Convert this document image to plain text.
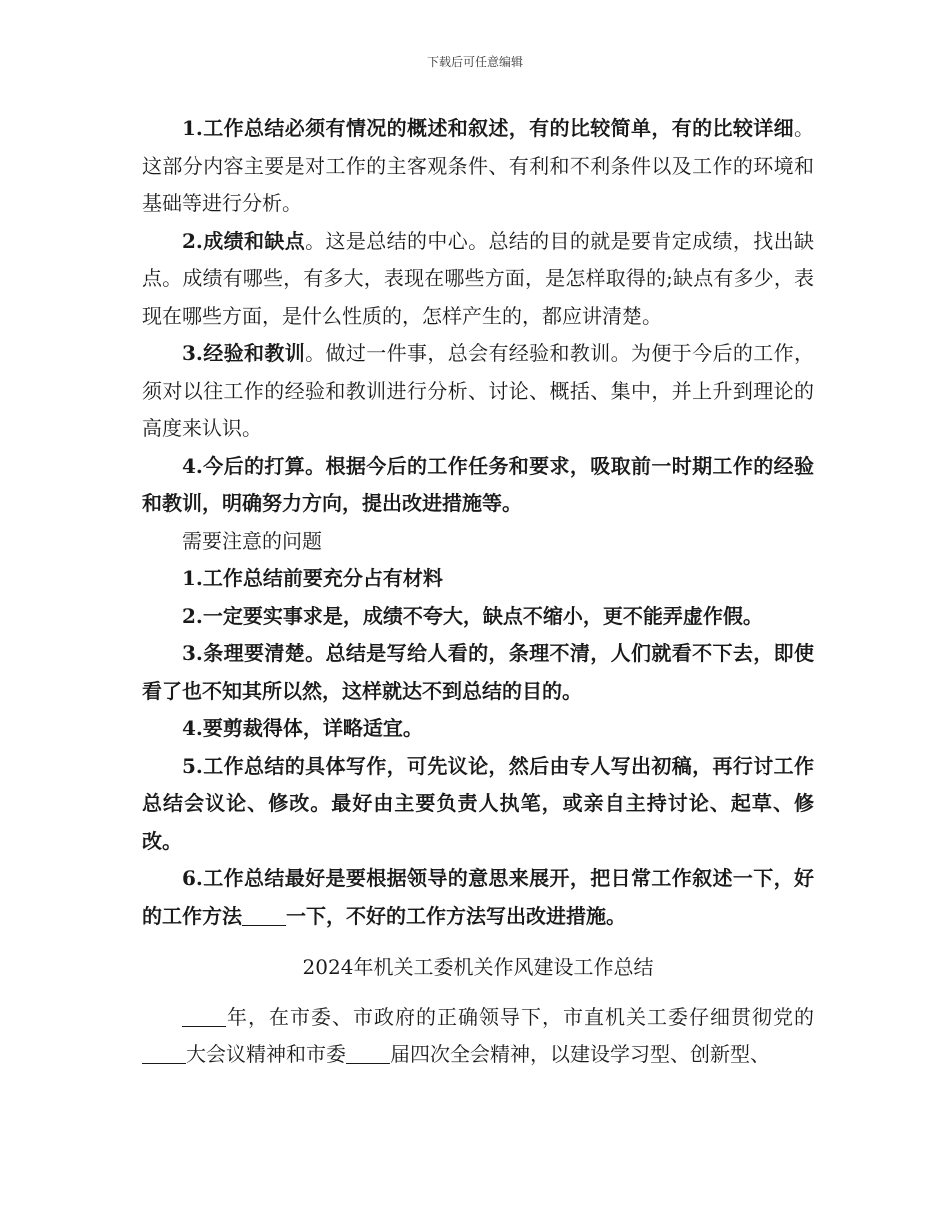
下载后可任意编辑

1.工作总结必须有情况的概述和叙述，有的比较简单，有的比较详细。这部分内容主要是对工作的主客观条件、有利和不利条件以及工作的环境和基础等进行分析。

2.成绩和缺点。这是总结的中心。总结的目的就是要肯定成绩，找出缺点。成绩有哪些，有多大，表现在哪些方面，是怎样取得的;缺点有多少，表现在哪些方面，是什么性质的，怎样产生的，都应讲清楚。

3.经验和教训。做过一件事，总会有经验和教训。为便于今后的工作，须对以往工作的经验和教训进行分析、讨论、概括、集中，并上升到理论的高度来认识。

4.今后的打算。根据今后的工作任务和要求，吸取前一时期工作的经验和教训，明确努力方向，提出改进措施等。

需要注意的问题

1.工作总结前要充分占有材料

2.一定要实事求是，成绩不夸大，缺点不缩小，更不能弄虚作假。

3.条理要清楚。总结是写给人看的，条理不清，人们就看不下去，即使看了也不知其所以然，这样就达不到总结的目的。

4.要剪裁得体，详略适宜。

5.工作总结的具体写作，可先议论，然后由专人写出初稿，再行讨工作总结会议论、修改。最好由主要负责人执笔，或亲自主持讨论、起草、修改。

6.工作总结最好是要根据领导的意思来展开，把日常工作叙述一下，好的工作方法 一下，不好的工作方法写出改进措施。

2024年机关工委机关作风建设工作总结

年，在市委、市政府的正确领导下，市直机关工委仔细贯彻党的大会议精神和市委 届四次全会精神，以建设学习型、创新型、
